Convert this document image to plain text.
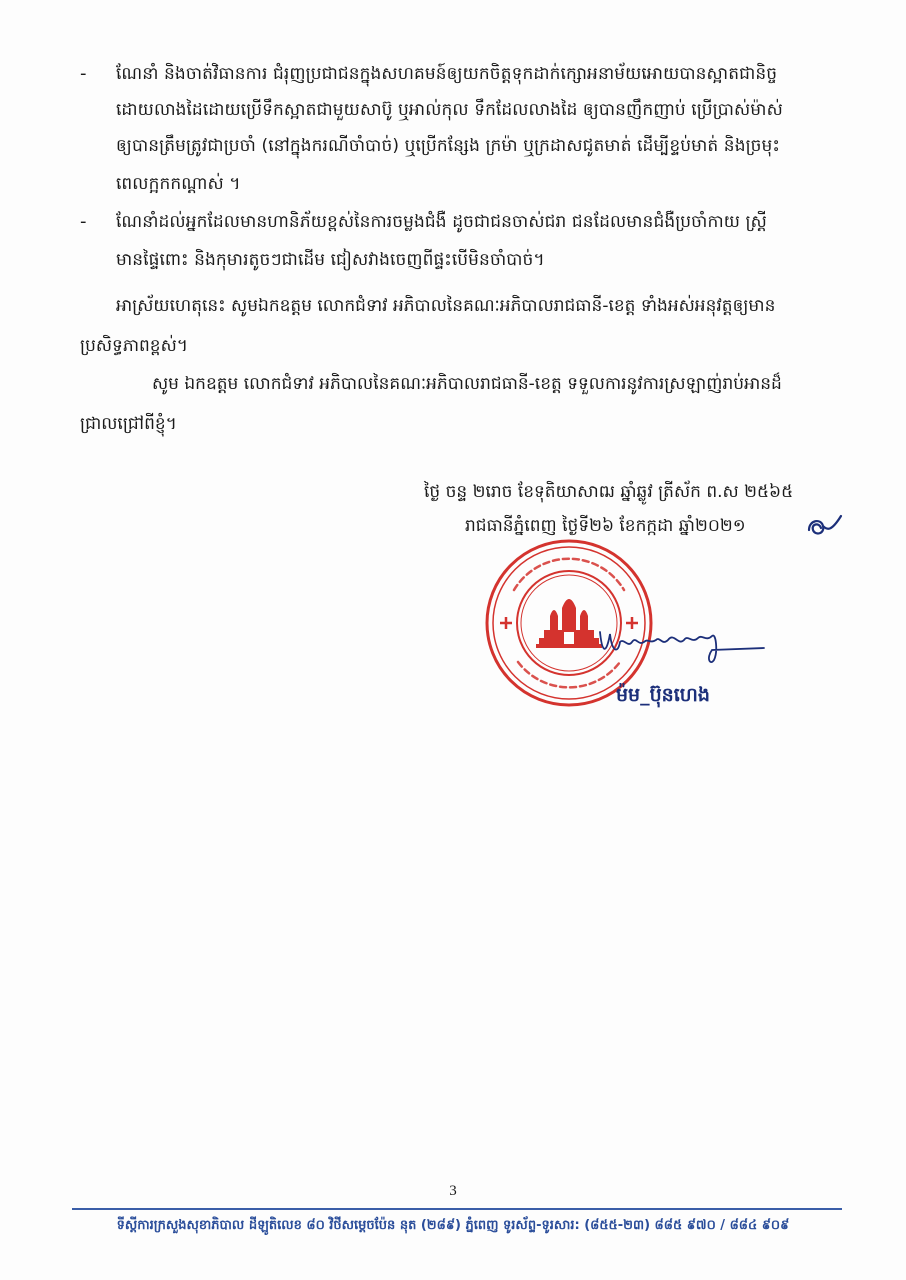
- ណែនាំ និងចាត់វិធានការ ជំរុញប្រជាជនក្នុងសហគមន៍ឲ្យយកចិត្តទុកដាក់ក្សោអនាម័យអោយបានស្អាតជានិច្ច
ដោយលាងដៃដោយប្រើទឹកស្អាតជាមួយសាប៊ូ ឬអាល់កុល ទឹកដែលលាងដៃ ឲ្យបានញឹកញាប់ ប្រើប្រាស់ម៉ាស់
ឲ្យបានត្រឹមត្រូវជាប្រចាំ (នៅក្នុងករណីចាំបាច់) ឬប្រើកន្សែង ក្រម៉ា ឬក្រដាសជូតមាត់ ដើម្បីខ្ទប់មាត់ និងច្រមុះ
ពេលក្អកកណ្ដាស់ ។
- ណែនាំដល់អ្នកដែលមានហានិភ័យខ្ពស់នៃការចម្លងជំងឺ ដូចជាជនចាស់ជរា ជនដែលមានជំងឺប្រចាំកាយ ស្ត្រី
មានផ្ទៃពោះ និងកុមារតូចៗជាដើម ជៀសវាងចេញពីផ្ទះបើមិនចាំបាច់។
អាស្រ័យហេតុនេះ សូមឯកឧត្ដម លោកជំទាវ អភិបាលនៃគណៈអភិបាលរាជធានី-ខេត្ត ទាំងអស់អនុវត្តឲ្យមាន
ប្រសិទ្ធភាពខ្ពស់។
សូម ឯកឧត្ដម លោកជំទាវ អភិបាលនៃគណៈអភិបាលរាជធានី-ខេត្ត ទទួលការនូវការស្រឡាញ់រាប់អានដ៏
ជ្រាលជ្រៅពីខ្ញុំ។
ថ្ងៃ ចន្ទ ២រោច ខែទុតិយាសាឍ ឆ្នាំឆ្លូវ ត្រីស័ក ព.ស ២៥៦៥
រាជធានីភ្នំពេញ ថ្ងៃទី២៦ ខែកក្កដា ឆ្នាំ២០២១
ម៉ម_ប៊ុនហេង
3
ទីស្តីការក្រសួងសុខាភិបាល ដីឡូតិលេខ ៨០ វិថីសម្ដេចប៉ែន នុត (២៨៩) ភ្នំពេញ ទូរស័ព្ទ-ទូរសារ: (៨៥៥-២៣) ៨៨៥ ៩៧០ / ៨៨៤ ៩០៩
